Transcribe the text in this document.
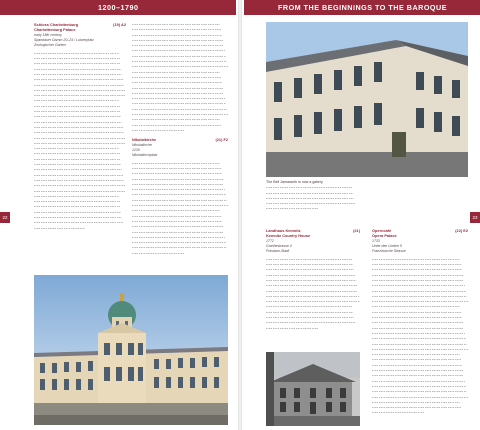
1200–1790	FROM THE BEGINNINGS TO THE BAROQUE
22	23
Schloss Charlottenburg	(19) A2
Charlottenburg Palace
early 18th century
Spandauer Damm 20–24 / Luisenplatz
Zoologischer Garten
Nikolaikirche	(21) F2
Nikolaikirche
1230
Nikolaikirchplatz
The Bell Jamaranth is now a gallery
Landhaus Kemnitz	(21)
Kemnitz Country House
1772
Goethestrasse 4
Potsdam-Stadt
Operncafé	(22) E2
Opera Palace
1733
Unter den Linden 5
Französische Strasse
